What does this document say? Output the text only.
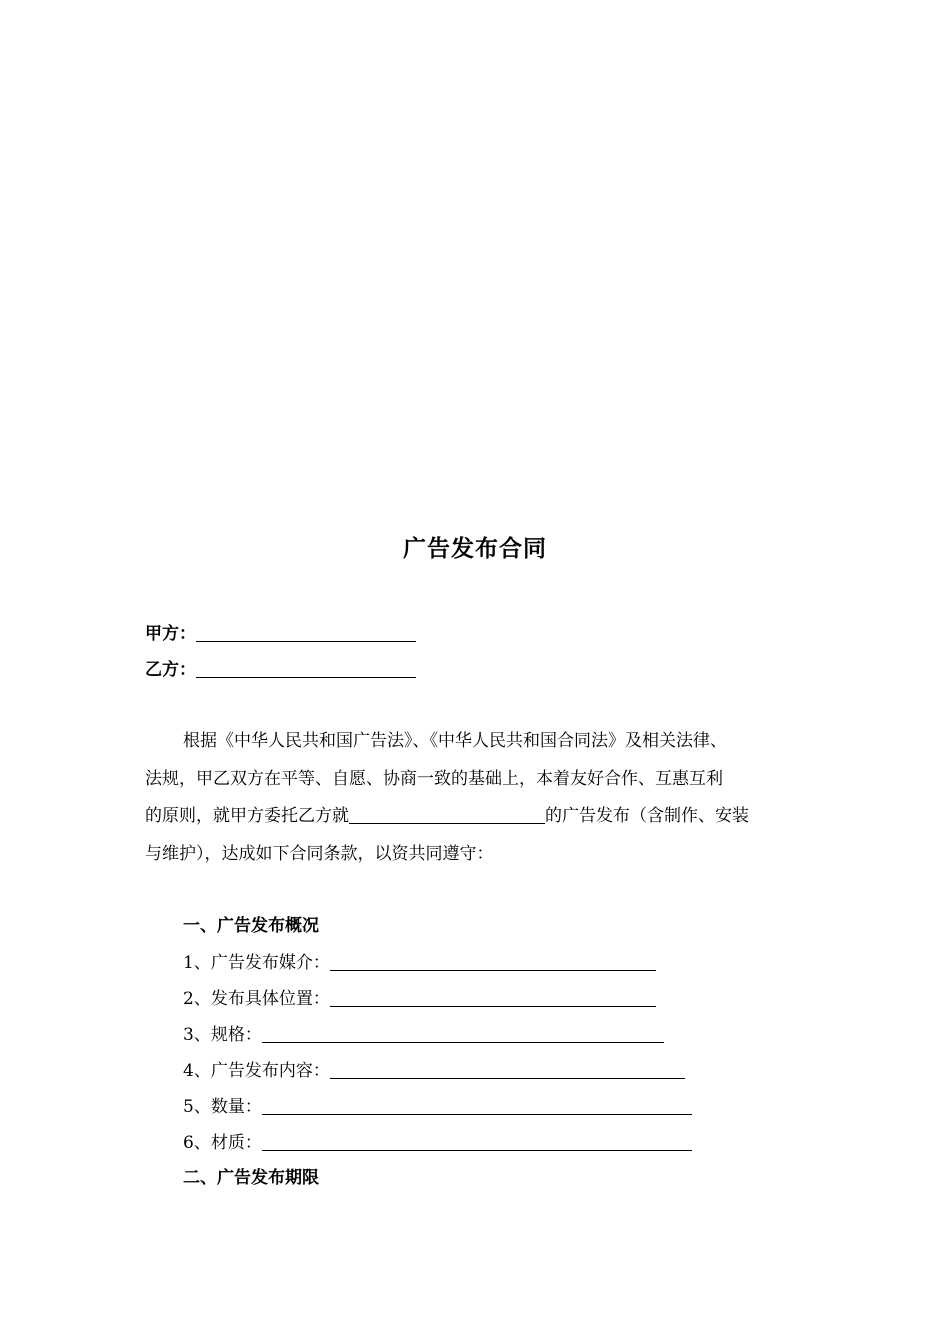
广告发布合同
甲方：
乙方：
根据《中华人民共和国广告法》、《中华人民共和国合同法》及相关法律、
法规，甲乙双方在平等、自愿、协商一致的基础上，本着友好合作、互惠互利
的原则，就甲方委托乙方就	的广告发布（含制作、安装
与维护），达成如下合同条款，以资共同遵守：
一、广告发布概况
1、广告发布媒介：
2、发布具体位置：
3、规格：
4、广告发布内容：
5、数量：
6、材质：
二、广告发布期限
